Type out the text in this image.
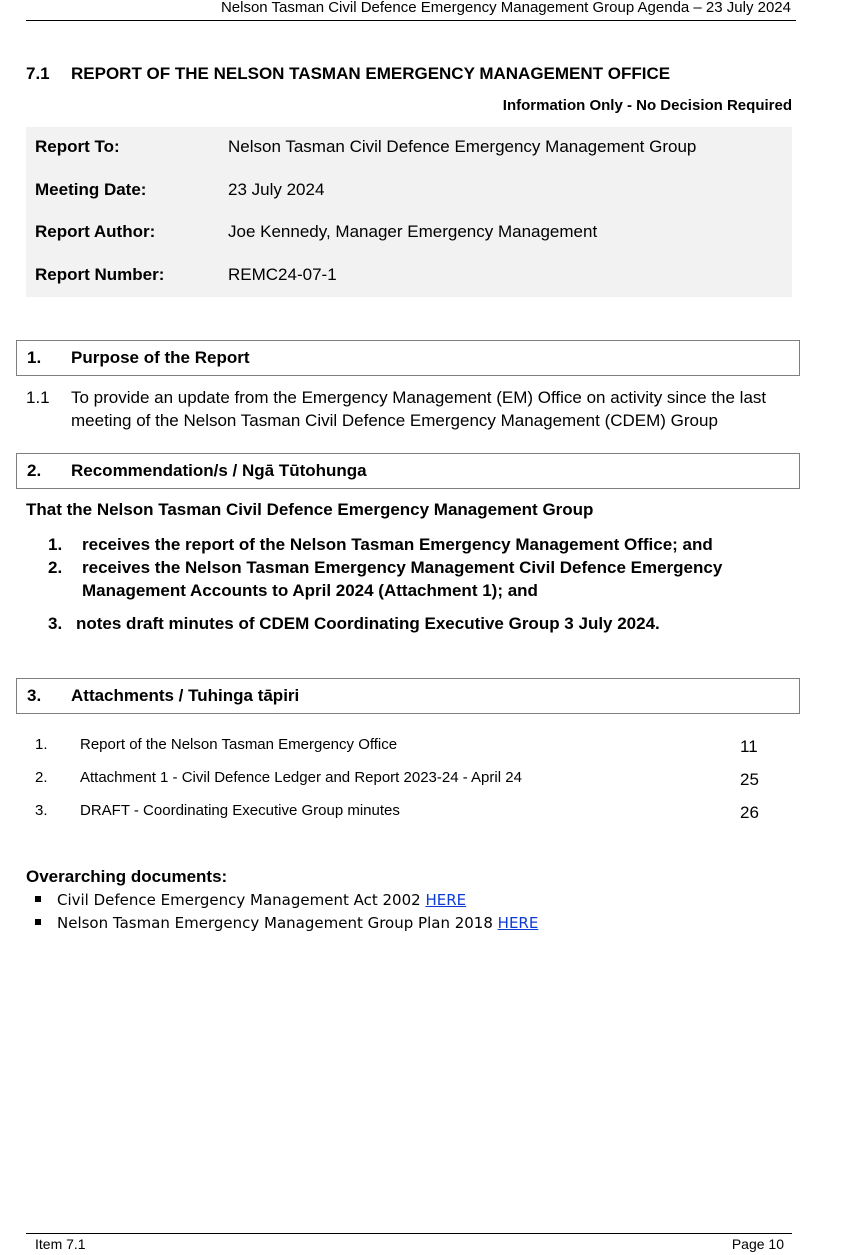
Nelson Tasman Civil Defence Emergency Management Group Agenda – 23 July 2024
7.1 REPORT OF THE NELSON TASMAN EMERGENCY MANAGEMENT OFFICE
Information Only - No Decision Required
Report To:	Nelson Tasman Civil Defence Emergency Management Group
Meeting Date:	23 July 2024
Report Author:	Joe Kennedy, Manager Emergency Management
Report Number:	REMC24-07-1
1. Purpose of the Report
1.1 To provide an update from the Emergency Management (EM) Office on activity since the last meeting of the Nelson Tasman Civil Defence Emergency Management (CDEM) Group
2. Recommendation/s / Ngā Tūtohunga
That the Nelson Tasman Civil Defence Emergency Management Group
1. receives the report of the Nelson Tasman Emergency Management Office; and
2. receives the Nelson Tasman Emergency Management Civil Defence Emergency
Management Accounts to April 2024 (Attachment 1); and
3. notes draft minutes of CDEM Coordinating Executive Group 3 July 2024.
3. Attachments / Tuhinga tāpiri
1. Report of the Nelson Tasman Emergency Office	11
2. Attachment 1 - Civil Defence Ledger and Report 2023-24 - April 24	25
3. DRAFT - Coordinating Executive Group minutes	26
Overarching documents:
Civil Defence Emergency Management Act 2002 HERE
Nelson Tasman Emergency Management Group Plan 2018 HERE
Item 7.1	Page 10
